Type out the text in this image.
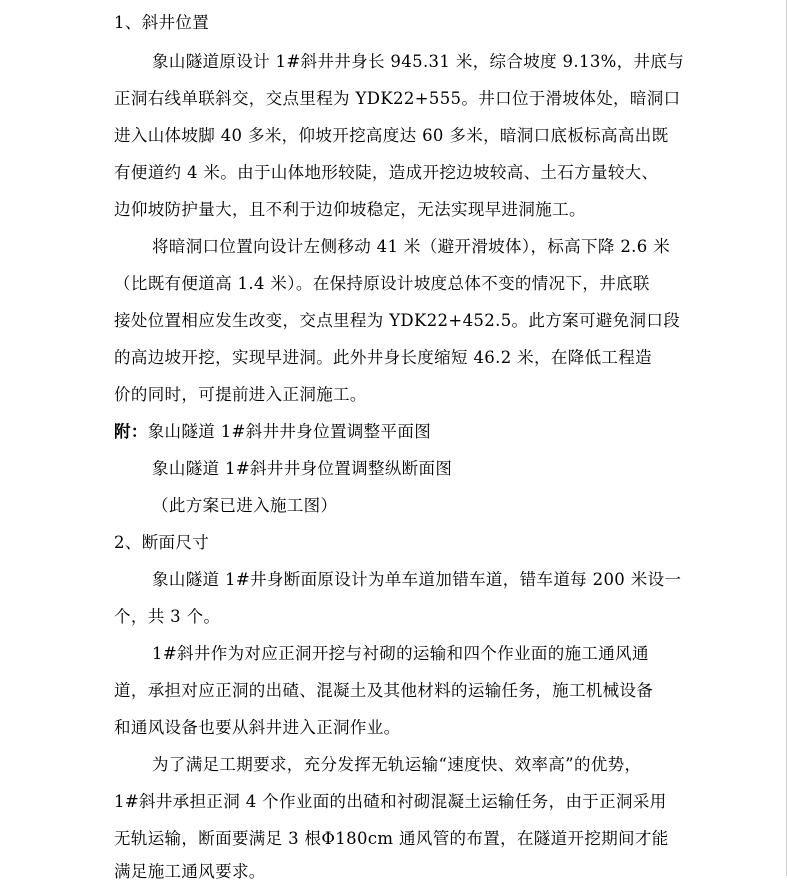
1、斜井位置
象山隧道原设计 1#斜井井身长 945.31 米，综合坡度 9.13%，井底与
正洞右线单联斜交，交点里程为 YDK22+555。井口位于滑坡体处，暗洞口
进入山体坡脚 40 多米，仰坡开挖高度达 60 多米，暗洞口底板标高高出既
有便道约 4 米。由于山体地形较陡，造成开挖边坡较高、土石方量较大、
边仰坡防护量大，且不利于边仰坡稳定，无法实现早进洞施工。
将暗洞口位置向设计左侧移动 41 米（避开滑坡体），标高下降 2.6 米
（比既有便道高 1.4 米）。在保持原设计坡度总体不变的情况下，井底联
接处位置相应发生改变，交点里程为 YDK22+452.5。此方案可避免洞口段
的高边坡开挖，实现早进洞。此外井身长度缩短 46.2 米，在降低工程造
价的同时，可提前进入正洞施工。
附：象山隧道 1#斜井井身位置调整平面图
象山隧道 1#斜井井身位置调整纵断面图
（此方案已进入施工图）
2、断面尺寸
象山隧道 1#井身断面原设计为单车道加错车道，错车道每 200 米设一
个，共 3 个。
1#斜井作为对应正洞开挖与衬砌的运输和四个作业面的施工通风通
道，承担对应正洞的出碴、混凝土及其他材料的运输任务，施工机械设备
和通风设备也要从斜井进入正洞作业。
为了满足工期要求，充分发挥无轨运输“速度快、效率高”的优势，
1#斜井承担正洞 4 个作业面的出碴和衬砌混凝土运输任务，由于正洞采用
无轨运输，断面要满足 3 根Φ180cm 通风管的布置，在隧道开挖期间才能
满足施工通风要求。
